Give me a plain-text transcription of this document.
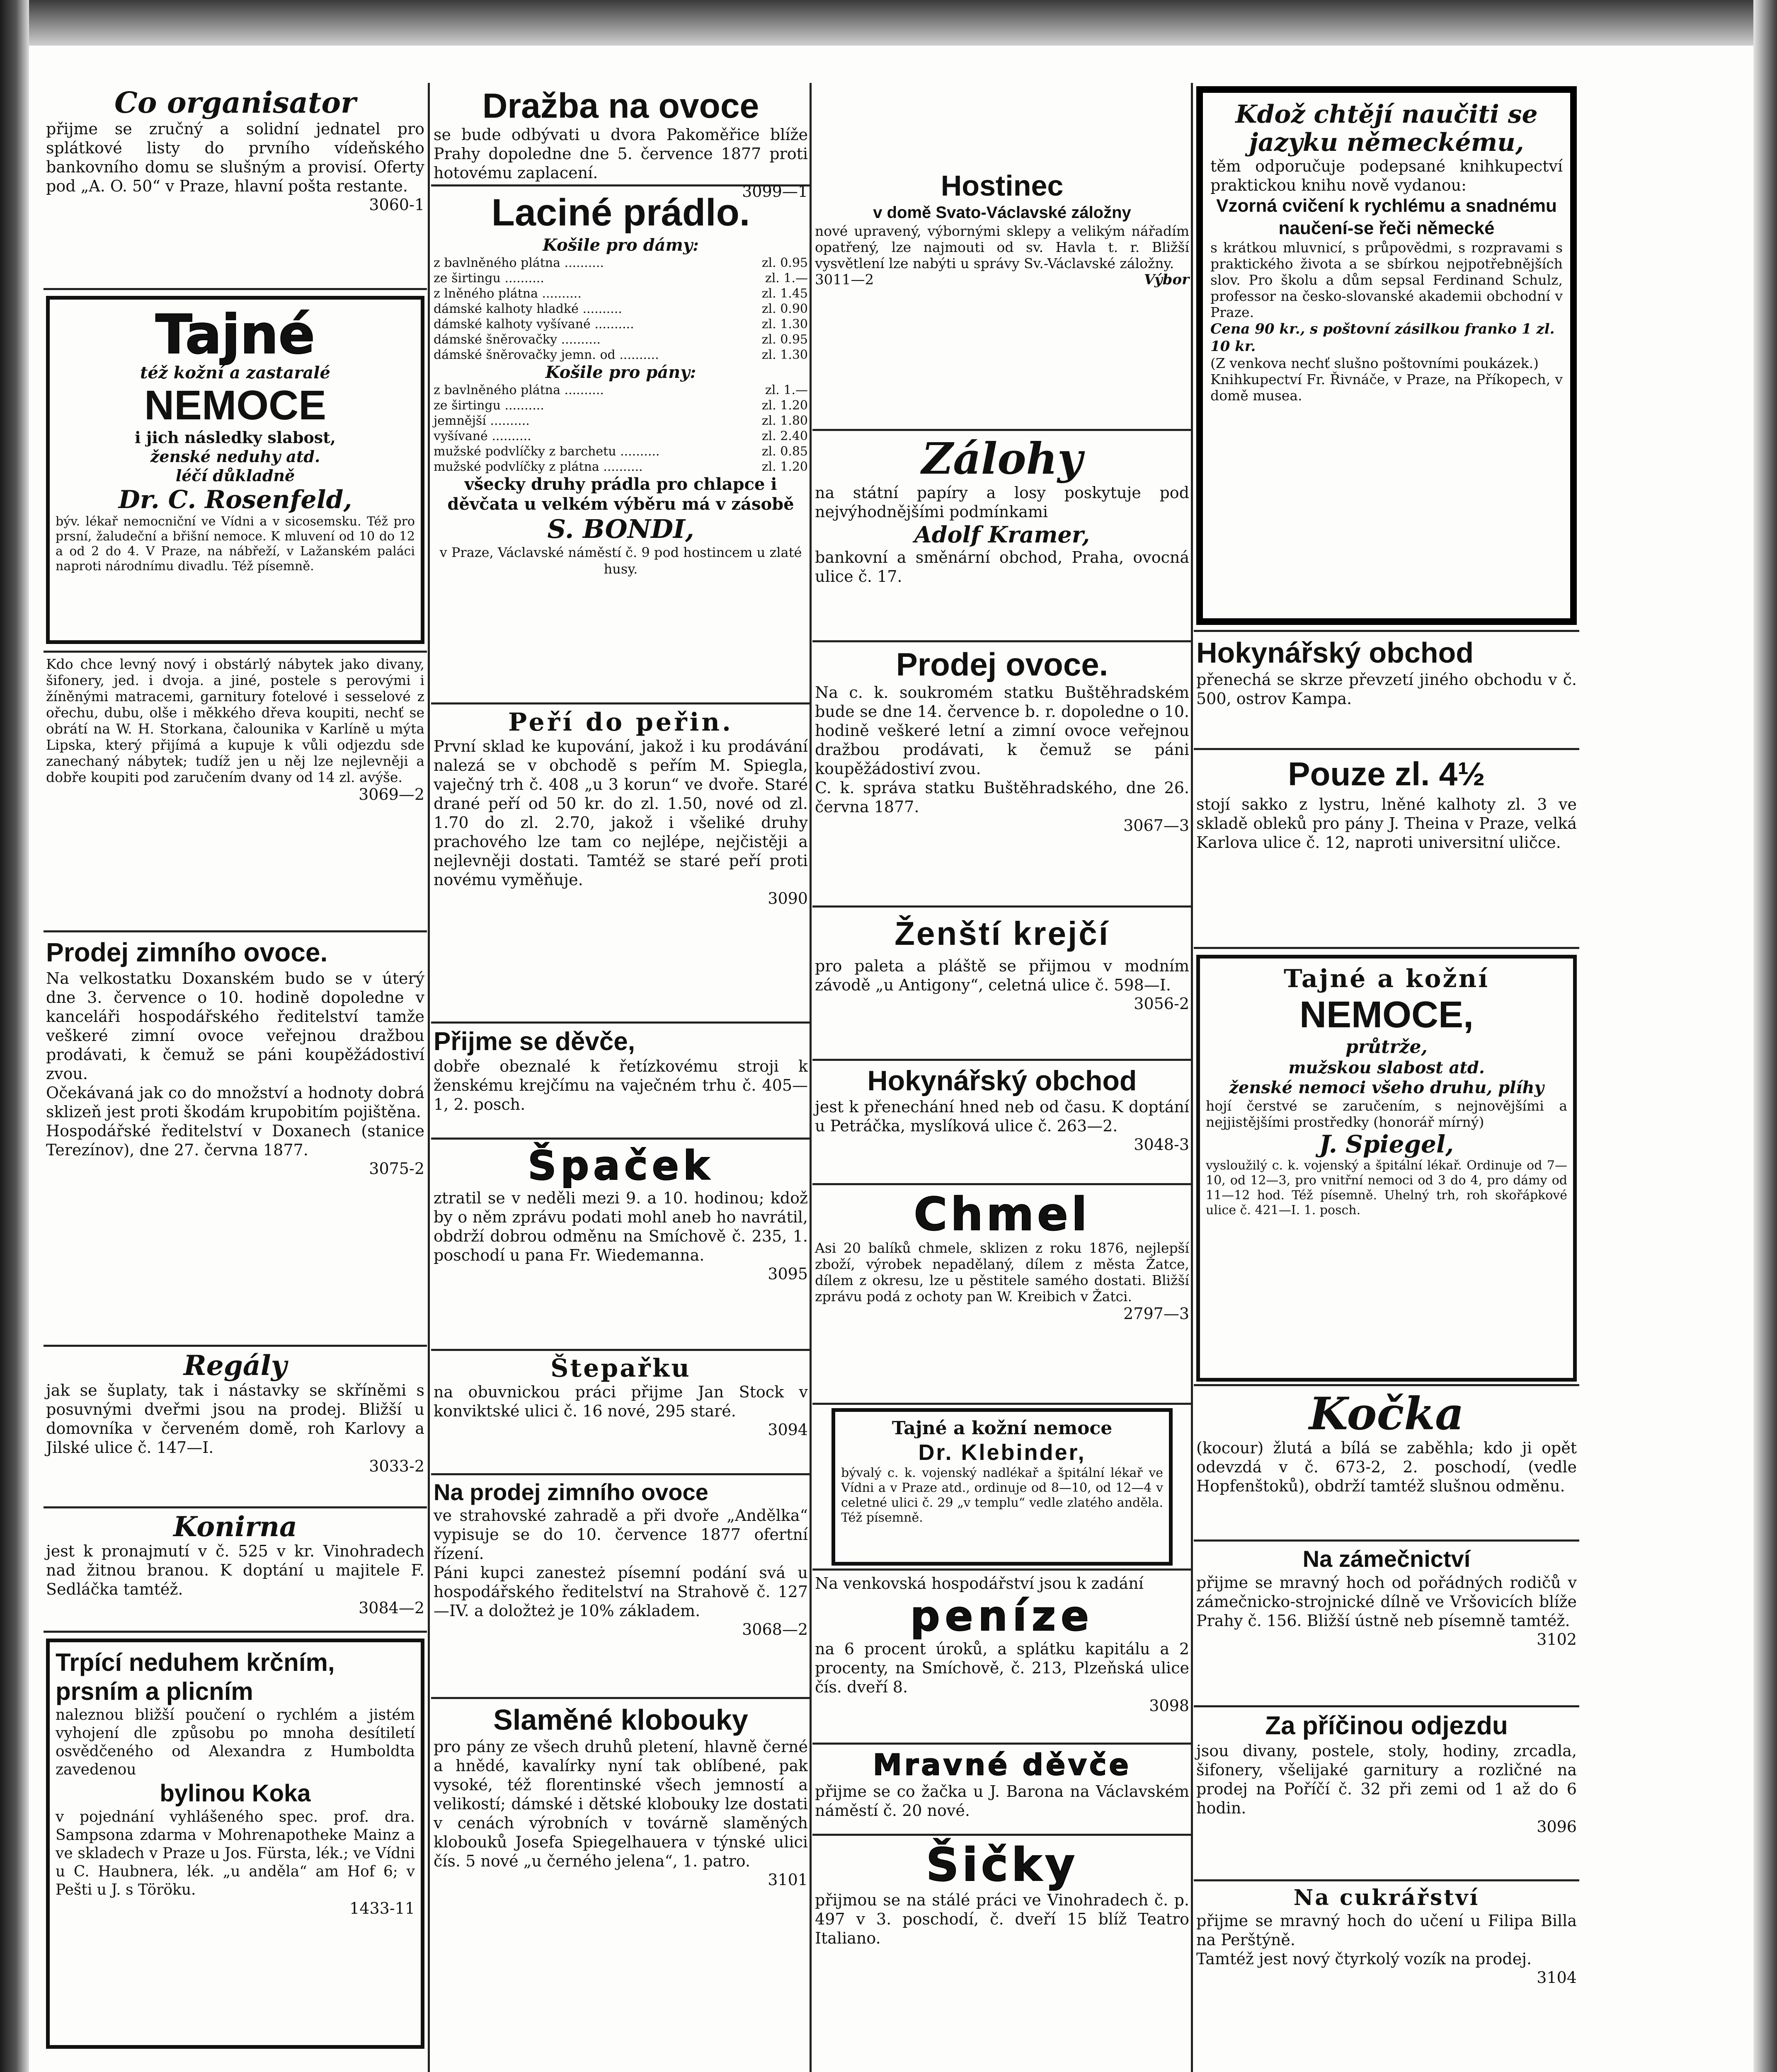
Co organisator

přijme se zručný a solidní jednatel pro splátkové listy do prvního vídeňského bankovního domu se slušným a provisí. Oferty pod „A. O. 50“ v Praze, hlavní pošta restante.

3060-1
Tajné
též kožní a zastaralé
NEMOCE
i jich následky slabost,
ženské neduhy atd.
léčí důkladně
Dr. C. Rosenfeld,

býv. lékař nemocniční ve Vídni a v sicosemsku. Též pro prsní, žaludeční a břišní nemoce. K mluvení od 10 do 12 a od 2 do 4. V Praze, na nábřeží, v Lažanském paláci naproti národnímu divadlu. Též písemně.

Kdo chce levný nový i obstárlý nábytek jako divany, šifonery, jed. i dvoja. a jiné, postele s perovými i žíněnými matracemi, garnitury fotelové i sesselové z ořechu, dubu, olše i měkkého dřeva koupiti, nechť se obrátí na W. H. Storkana, čalounika v Karlíně u mýta Lipska, který přijímá a kupuje k vůli odjezdu sde zanechaný nábytek; tudíž jen u něj lze nejlevněji a dobře koupiti pod zaručením dvany od 14 zl. avýše.

3069—2
Prodej zimního ovoce.

Na velkostatku Doxanském budo se v úterý dne 3. července o 10. hodině dopoledne v kanceláři hospodářského ředitelství tamže veškeré zimní ovoce veřejnou dražbou prodávati, k čemuž se páni koupěžádostiví zvou.

Očekávaná jak co do množství a hodnoty dobrá sklizeň jest proti škodám krupobitím pojištěna.

Hospodářské ředitelství v Doxanech (stanice Terezínov), dne 27. června 1877.

3075-2
Regály

jak se šuplaty, tak i nástavky se skříněmi s posuvnými dveřmi jsou na prodej. Bližší u domovníka v červeném domě, roh Karlovy a Jilské ulice č. 147—I.

3033-2
Konirna

jest k pronajmutí v č. 525 v kr. Vinohradech nad žitnou branou. K doptání u majitele F. Sedláčka tamtéž.

3084—2
Trpící neduhem krčním, prsním a plicním

naleznou bližší poučení o rychlém a jistém vyhojení dle způsobu po mnoha desítiletí osvědčeného od Alexandra z Humboldta zavedenou

bylinou Koka

v pojednání vyhlášeného spec. prof. dra. Sampsona zdarma v Mohrenapotheke Mainz a ve skladech v Praze u Jos. Fürsta, lék.; ve Vídni u C. Haubnera, lék. „u anděla“ am Hof 6; v Pešti u J. s Töröku.

1433-11
Dražba na ovoce

se bude odbývati u dvora Pakoměřice blíže Prahy dopoledne dne 5. července 1877 proti hotovému zaplacení.

3099—1
Laciné prádlo.
Košile pro dámy:
z bavlněného plátna ..........	zl. 0.95
ze širtingu ..........	zl. 1.—
z lněného plátna ..........	zl. 1.45
dámské kalhoty hladké ..........	zl. 0.90
dámské kalhoty vyšívané ..........	zl. 1.30
dámské šněrovačky ..........	zl. 0.95
dámské šněrovačky jemn. od ..........	zl. 1.30
Košile pro pány:
z bavlněného plátna ..........	zl. 1.—
ze širtingu ..........	zl. 1.20
jemnější ..........	zl. 1.80
vyšívané ..........	zl. 2.40
mužské podvlíčky z barchetu ..........	zl. 0.85
mužské podvlíčky z plátna ..........	zl. 1.20
všecky druhy prádla pro chlapce i děvčata u velkém výběru má v zásobě
S. BONDI,
v Praze, Václavské náměstí č. 9 pod hostincem u zlaté husy.
Peří do peřin.

První sklad ke kupování, jakož i ku prodávání nalezá se v obchodě s peřím M. Spiegla, vaječný trh č. 408 „u 3 korun“ ve dvoře. Staré drané peří od 50 kr. do zl. 1.50, nové od zl. 1.70 do zl. 2.70, jakož i všeliké druhy prachového lze tam co nejlépe, nejčistěji a nejlevněji dostati. Tamtéž se staré peří proti novému vyměňuje.

3090
Přijme se děvče,

dobře obeznalé k řetízkovému stroji k ženskému krejčímu na vaječném trhu č. 405—1, 2. posch.

Špaček

ztratil se v neděli mezi 9. a 10. hodinou; kdož by o něm zprávu podati mohl aneb ho navrátil, obdrží dobrou odměnu na Smíchově č. 235, 1. poschodí u pana Fr. Wiedemanna.

3095
Štepařku

na obuvnickou práci přijme Jan Stock v konviktské ulici č. 16 nové, 295 staré.

3094
Na prodej zimního ovoce

ve strahovské zahradě a při dvoře „Andělka“ vypisuje se do 10. července 1877 ofertní řízení.

Páni kupci zanesteż písemní podání svá u hospodářského ředitelství na Strahově č. 127—IV. a doložteż je 10% základem.

3068—2
Slaměné klobouky

pro pány ze všech druhů pletení, hlavně černé a hnědé, kavalírky nyní tak oblíbené, pak vysoké, též florentinské všech jemností a velikostí; dámské i dětské klobouky lze dostati v cenách výrobních v továrně slaměných klobouků Josefa Spiegelhauera v týnské ulici čís. 5 nové „u černého jelena“, 1. patro.

3101
Hostinec
v domě Svato-Václavské záložny

nové upravený, výbornými sklepy a velikým nářadím opatřený, lze najmouti od sv. Havla t. r. Bližší vysvětlení lze nabýti u správy Sv.-Václavské záložny.

3011—2	Výbor
Zálohy

na státní papíry a losy poskytuje pod nejvýhodnějšími podmínkami

Adolf Kramer,

bankovní a směnární obchod, Praha, ovocná ulice č. 17.

Prodej ovoce.

Na c. k. soukromém statku Buštěhradském bude se dne 14. července b. r. dopoledne o 10. hodině veškeré letní a zimní ovoce veřejnou dražbou prodávati, k čemuž se páni koupěžádostiví zvou.

C. k. správa statku Buštěhradského, dne 26. června 1877.

3067—3
Ženští krejčí

pro paleta a pláště se přijmou v modním závodě „u Antigony“, celetná ulice č. 598—I.

3056-2
Hokynářský obchod

jest k přenechání hned neb od času. K doptání u Petráčka, myslíková ulice č. 263—2.

3048-3
Chmel

Asi 20 balíků chmele, sklizen z roku 1876, nejlepší zboží, výrobek nepadělaný, dílem z města Žatce, dílem z okresu, lze u pěstitele samého dostati. Bližší zprávu podá z ochoty pan W. Kreibich v Žatci.

2797—3
Tajné a kožní nemoce
Dr. Klebinder,

bývalý c. k. vojenský nadlékař a špitální lékař ve Vídni a v Praze atd., ordinuje od 8—10, od 12—4 v celetné ulici č. 29 „v templu“ vedle zlatého anděla. Též písemně.

Na venkovská hospodářství jsou k zadání

peníze

na 6 procent úroků, a splátku kapitálu a 2 procenty, na Smíchově, č. 213, Plzeňská ulice čís. dveří 8.

3098
Mravné děvče

přijme se co žačka u J. Barona na Václavském náměstí č. 20 nové.

Šičky

přijmou se na stálé práci ve Vinohradech č. p. 497 v 3. poschodí, č. dveří 15 blíž Teatro Italiano.

Kdož chtějí naučiti se jazyku německému,

těm odporučuje podepsané knihkupectví praktickou knihu nově vydanou:

Vzorná cvičení k rychlému a snadnému naučení-se řeči německé

s krátkou mluvnicí, s průpovědmi, s rozpravami s praktického života a se sbírkou nejpotřebnějších slov. Pro školu a dům sepsal Ferdinand Schulz, professor na česko-slovanské akademii obchodní v Praze.

Cena 90 kr., s poštovní zásilkou franko 1 zl. 10 kr.

(Z venkova nechť slušno poštovními poukázek.)

Knihkupectví Fr. Řivnáče, v Praze, na Příkopech, v domě musea.

Hokynářský obchod

přenechá se skrze převzetí jiného obchodu v č. 500, ostrov Kampa.

Pouze zl. 4½

stojí sakko z lystru, lněné kalhoty zl. 3 ve skladě obleků pro pány J. Theina v Praze, velká Karlova ulice č. 12, naproti universitní uličce.

Tajné a kožní
NEMOCE,
průtrže,
mužskou slabost atd.
ženské nemoci všeho druhu, plíhy

hojí čerstvé se zaručením, s nejnovějšími a nejjistějšími prostředky (honorář mírný)

J. Spiegel,

vysloužilý c. k. vojenský a špitální lékař. Ordinuje od 7—10, od 12—3, pro vnitřní nemoci od 3 do 4, pro dámy od 11—12 hod. Též písemně. Uhelný trh, roh skořápkové ulice č. 421—I. 1. posch.

Kočka

(kocour) žlutá a bílá se zaběhla; kdo ji opět odevzdá v č. 673-2, 2. poschodí, (vedle Hopfenštoků), obdrží tamtéž slušnou odměnu.

Na zámečnictví

přijme se mravný hoch od pořádných rodičů v zámečnicko-strojnické dílně ve Vršovicích blíže Prahy č. 156. Bližší ústně neb písemně tamtéž.

3102
Za příčinou odjezdu

jsou divany, postele, stoly, hodiny, zrcadla, šifonery, všelijaké garnitury a rozličné na prodej na Poříčí č. 32 při zemi od 1 až do 6 hodin.

3096
Na cukrářství

přijme se mravný hoch do učení u Filipa Billa na Perštýně.

Tamtéž jest nový čtyrkolý vozík na prodej.

3104
